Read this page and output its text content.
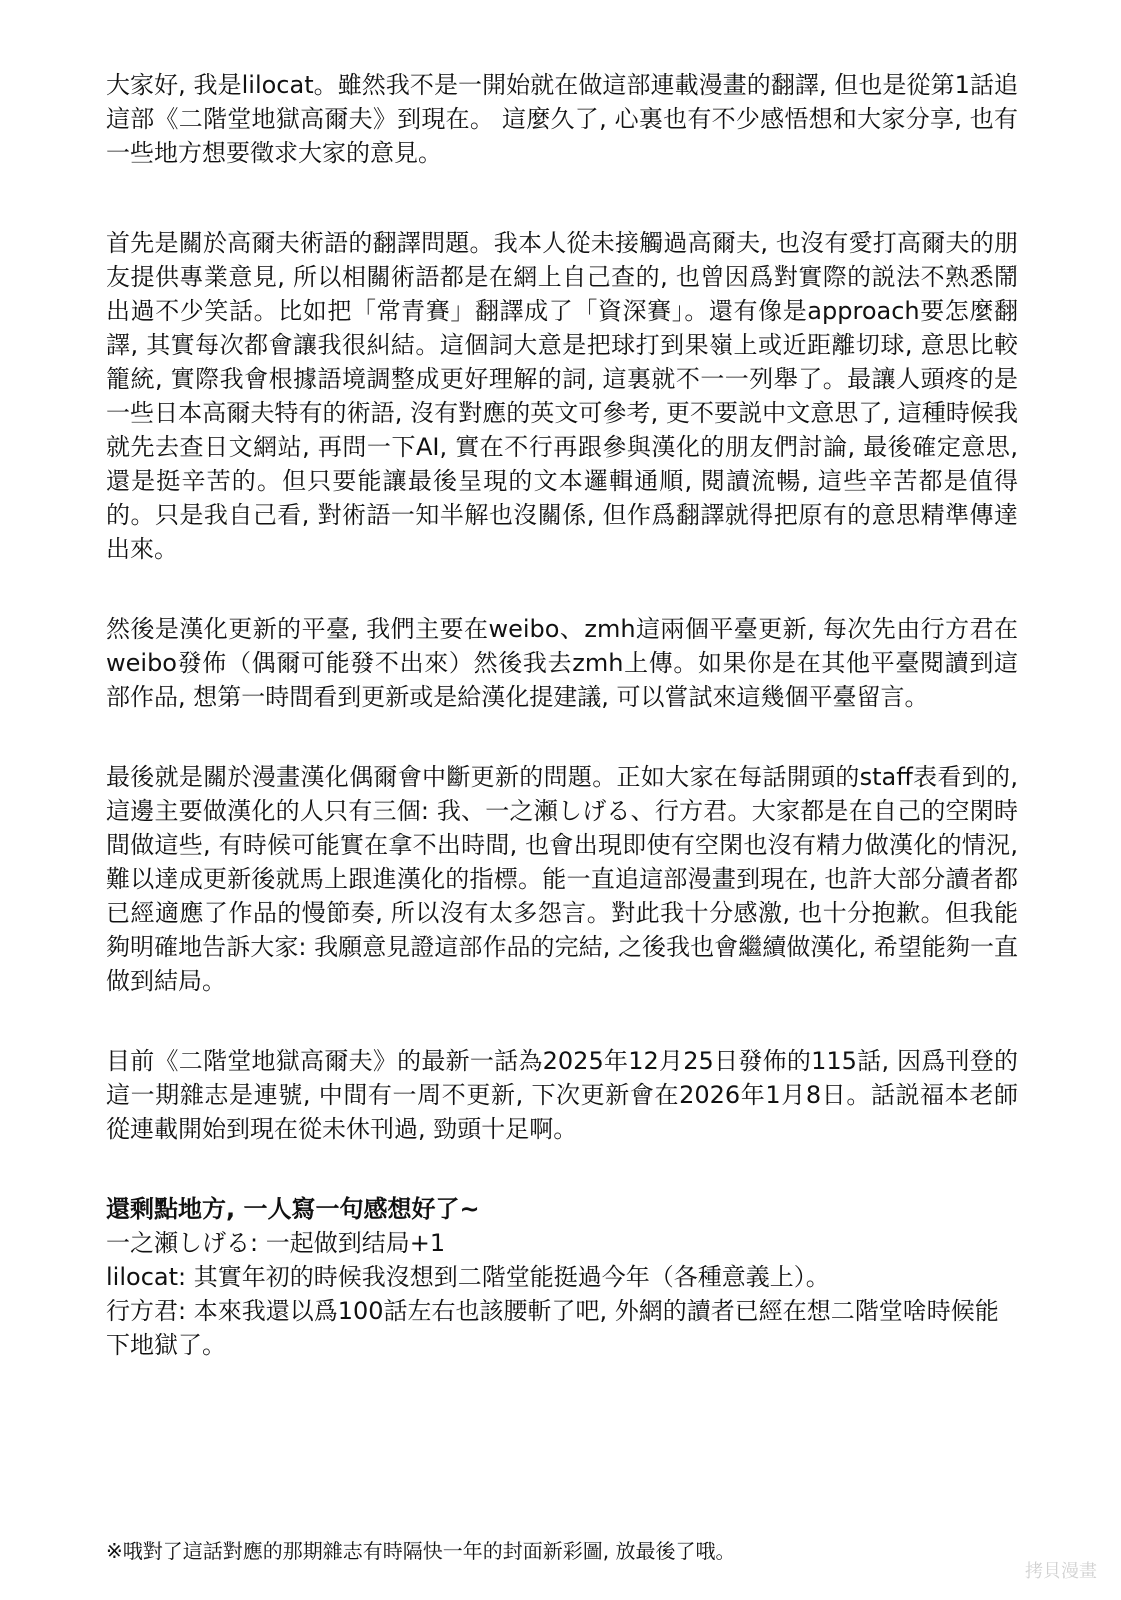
大家好, 我是lilocat。雖然我不是一開始就在做這部連載漫畫的翻譯, 但也是從第1話追這部《二階堂地獄高爾夫》到現在。 這麼久了, 心裏也有不少感悟想和大家分享, 也有一些地方想要徵求大家的意見。

首先是關於高爾夫術語的翻譯問題。我本人從未接觸過高爾夫, 也沒有愛打高爾夫的朋友提供專業意見, 所以相關術語都是在網上自己查的, 也曾因爲對實際的説法不熟悉鬧出過不少笑話。比如把「常青賽」翻譯成了「資深賽」。還有像是approach要怎麼翻譯, 其實每次都會讓我很糾結。這個詞大意是把球打到果嶺上或近距離切球, 意思比較籠統, 實際我會根據語境調整成更好理解的詞, 這裏就不一一列舉了。最讓人頭疼的是一些日本高爾夫特有的術語, 沒有對應的英文可參考, 更不要説中文意思了, 這種時候我就先去查日文網站, 再問一下AI, 實在不行再跟參與漢化的朋友們討論, 最後確定意思, 還是挺辛苦的。但只要能讓最後呈現的文本邏輯通順, 閱讀流暢, 這些辛苦都是值得的。只是我自己看, 對術語一知半解也沒關係, 但作爲翻譯就得把原有的意思精準傳達出來。

然後是漢化更新的平臺, 我們主要在weibo、zmh這兩個平臺更新, 每次先由行方君在weibo發佈（偶爾可能發不出來）然後我去zmh上傳。如果你是在其他平臺閱讀到這部作品, 想第一時間看到更新或是給漢化提建議, 可以嘗試來這幾個平臺留言。

最後就是關於漫畫漢化偶爾會中斷更新的問題。正如大家在每話開頭的staff表看到的, 這邊主要做漢化的人只有三個: 我、一之瀬しげる、行方君。大家都是在自己的空閑時間做這些, 有時候可能實在拿不出時間, 也會出現即使有空閑也沒有精力做漢化的情況, 難以達成更新後就馬上跟進漢化的指標。能一直追這部漫畫到現在, 也許大部分讀者都已經適應了作品的慢節奏, 所以沒有太多怨言。對此我十分感激, 也十分抱歉。但我能夠明確地告訴大家: 我願意見證這部作品的完結, 之後我也會繼續做漢化, 希望能夠一直做到結局。

目前《二階堂地獄高爾夫》的最新一話為2025年12月25日發佈的115話, 因爲刊登的這一期雜志是連號, 中間有一周不更新, 下次更新會在2026年1月8日。話説福本老師從連載開始到現在從未休刊過, 勁頭十足啊。

還剩點地方, 一人寫一句感想好了~

一之瀬しげる: 一起做到结局+1

lilocat: 其實年初的時候我沒想到二階堂能挺過今年（各種意義上）。

行方君: 本來我還以爲100話左右也該腰斬了吧, 外網的讀者已經在想二階堂啥時候能下地獄了。

※哦對了這話對應的那期雜志有時隔快一年的封面新彩圖, 放最後了哦。

拷貝漫畫
